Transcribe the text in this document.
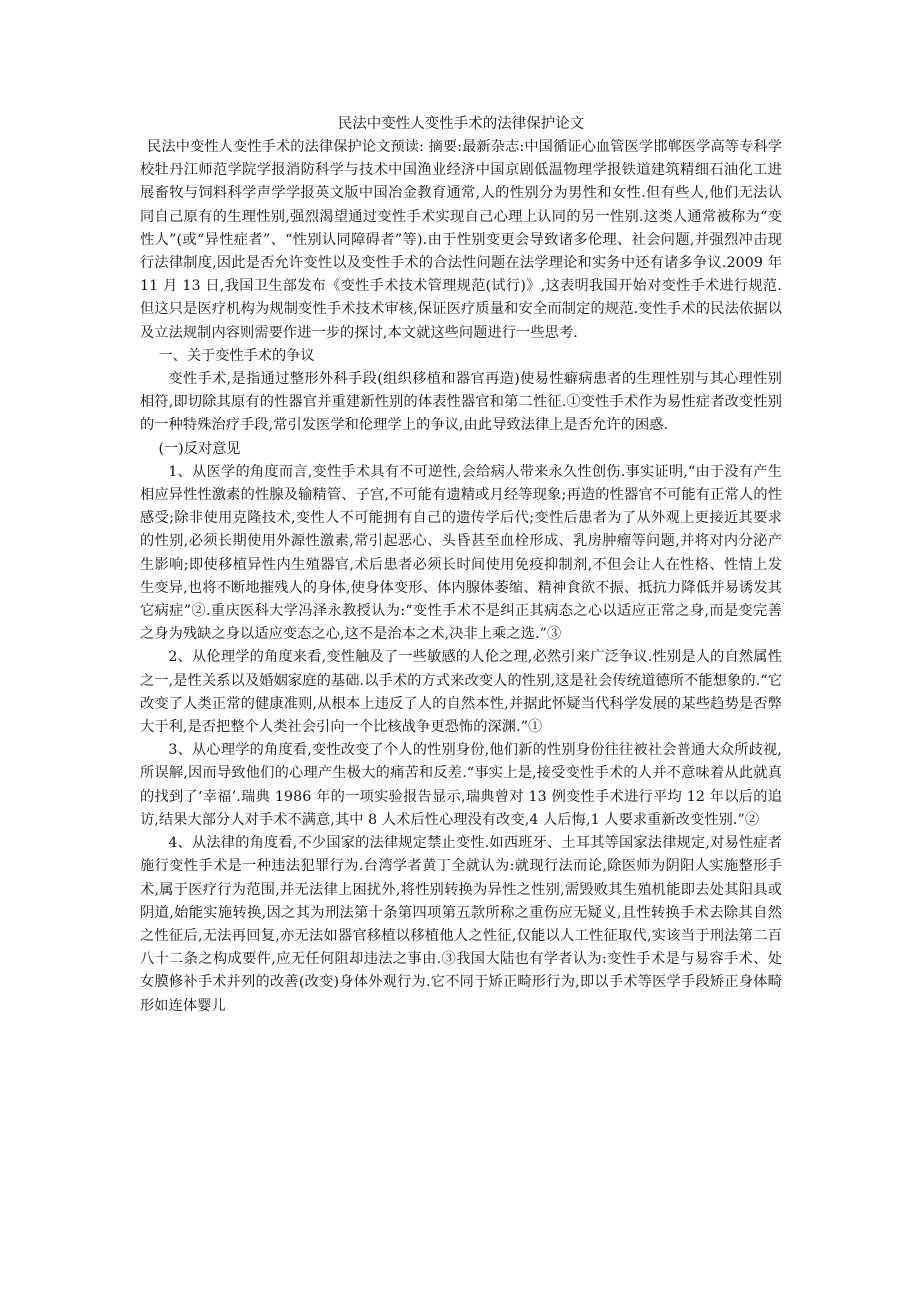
民法中变性人变性手术的法律保护论文

民法中变性人变性手术的法律保护论文预读: 摘要:最新杂志:中国循证心血管医学邯郸医学高等专科学校牡丹江师范学院学报消防科学与技术中国渔业经济中国京剧低温物理学报铁道建筑精细石油化工进展畜牧与饲料科学声学学报英文版中国冶金教育通常,人的性别分为男性和女性.但有些人,他们无法认同自己原有的生理性别,强烈渴望通过变性手术实现自己心理上认同的另一性别.这类人通常被称为“变性人”(或“异性症者”、“性别认同障碍者”等).由于性别变更会导致诸多伦理、社会问题,并强烈冲击现行法律制度,因此是否允许变性以及变性手术的合法性问题在法学理论和实务中还有诸多争议.2009 年 11 月 13 日,我国卫生部发布《变性手术技术管理规范(试行)》,这表明我国开始对变性手术进行规范.但这只是医疗机构为规制变性手术技术审核,保证医疗质量和安全而制定的规范.变性手术的民法依据以及立法规制内容则需要作进一步的探讨,本文就这些问题进行一些思考.

一、关于变性手术的争议

变性手术,是指通过整形外科手段(组织移植和器官再造)使易性癖病患者的生理性别与其心理性别相符,即切除其原有的性器官并重建新性别的体表性器官和第二性征.①变性手术作为易性症者改变性别的一种特殊治疗手段,常引发医学和伦理学上的争议,由此导致法律上是否允许的困惑.

(一)反对意见

1、从医学的角度而言,变性手术具有不可逆性,会给病人带来永久性创伤.事实证明,“由于没有产生相应异性性激素的性腺及输精管、子宫,不可能有遗精或月经等现象;再造的性器官不可能有正常人的性感受;除非使用克隆技术,变性人不可能拥有自己的遗传学后代;变性后患者为了从外观上更接近其要求的性别,必须长期使用外源性激素,常引起恶心、头昏甚至血栓形成、乳房肿瘤等问题,并将对内分泌产生影响;即使移植异性内生殖器官,术后患者必须长时间使用免疫抑制剂,不但会让人在性格、性情上发生变异,也将不断地摧残人的身体,使身体变形、体内腺体萎缩、精神食欲不振、抵抗力降低并易诱发其它病症”②.重庆医科大学冯泽永教授认为:“变性手术不是纠正其病态之心以适应正常之身,而是变完善之身为残缺之身以适应变态之心,这不是治本之术,决非上乘之选.”③

2、从伦理学的角度来看,变性触及了一些敏感的人伦之理,必然引来广泛争议.性别是人的自然属性之一,是性关系以及婚姻家庭的基础.以手术的方式来改变人的性别,这是社会传统道德所不能想象的.“它改变了人类正常的健康准则,从根本上违反了人的自然本性,并据此怀疑当代科学发展的某些趋势是否弊大于利,是否把整个人类社会引向一个比核战争更恐怖的深渊.”①

3、从心理学的角度看,变性改变了个人的性别身份,他们新的性别身份往往被社会普通大众所歧视,所误解,因而导致他们的心理产生极大的痛苦和反差.“事实上是,接受变性手术的人并不意味着从此就真的找到了‘幸福’.瑞典 1986 年的一项实验报告显示,瑞典曾对 13 例变性手术进行平均 12 年以后的追访,结果大部分人对手术不满意,其中 8 人术后性心理没有改变,4 人后悔,1 人要求重新改变性别.”②

4、从法律的角度看,不少国家的法律规定禁止变性.如西班牙、土耳其等国家法律规定,对易性症者施行变性手术是一种违法犯罪行为.台湾学者黄丁全就认为:就现行法而论,除医师为阴阳人实施整形手术,属于医疗行为范围,并无法律上困扰外,将性别转换为异性之性别,需毁败其生殖机能即去处其阳具或阴道,始能实施转换,因之其为刑法第十条第四项第五款所称之重伤应无疑义,且性转换手术去除其自然之性征后,无法再回复,亦无法如器官移植以移植他人之性征,仅能以人工性征取代,实该当于刑法第二百八十二条之构成要件,应无任何阻却违法之事由.③我国大陆也有学者认为:变性手术是与易容手术、处女膜修补手术并列的改善(改变)身体外观行为.它不同于矫正畸形行为,即以手术等医学手段矫正身体畸形如连体婴儿
